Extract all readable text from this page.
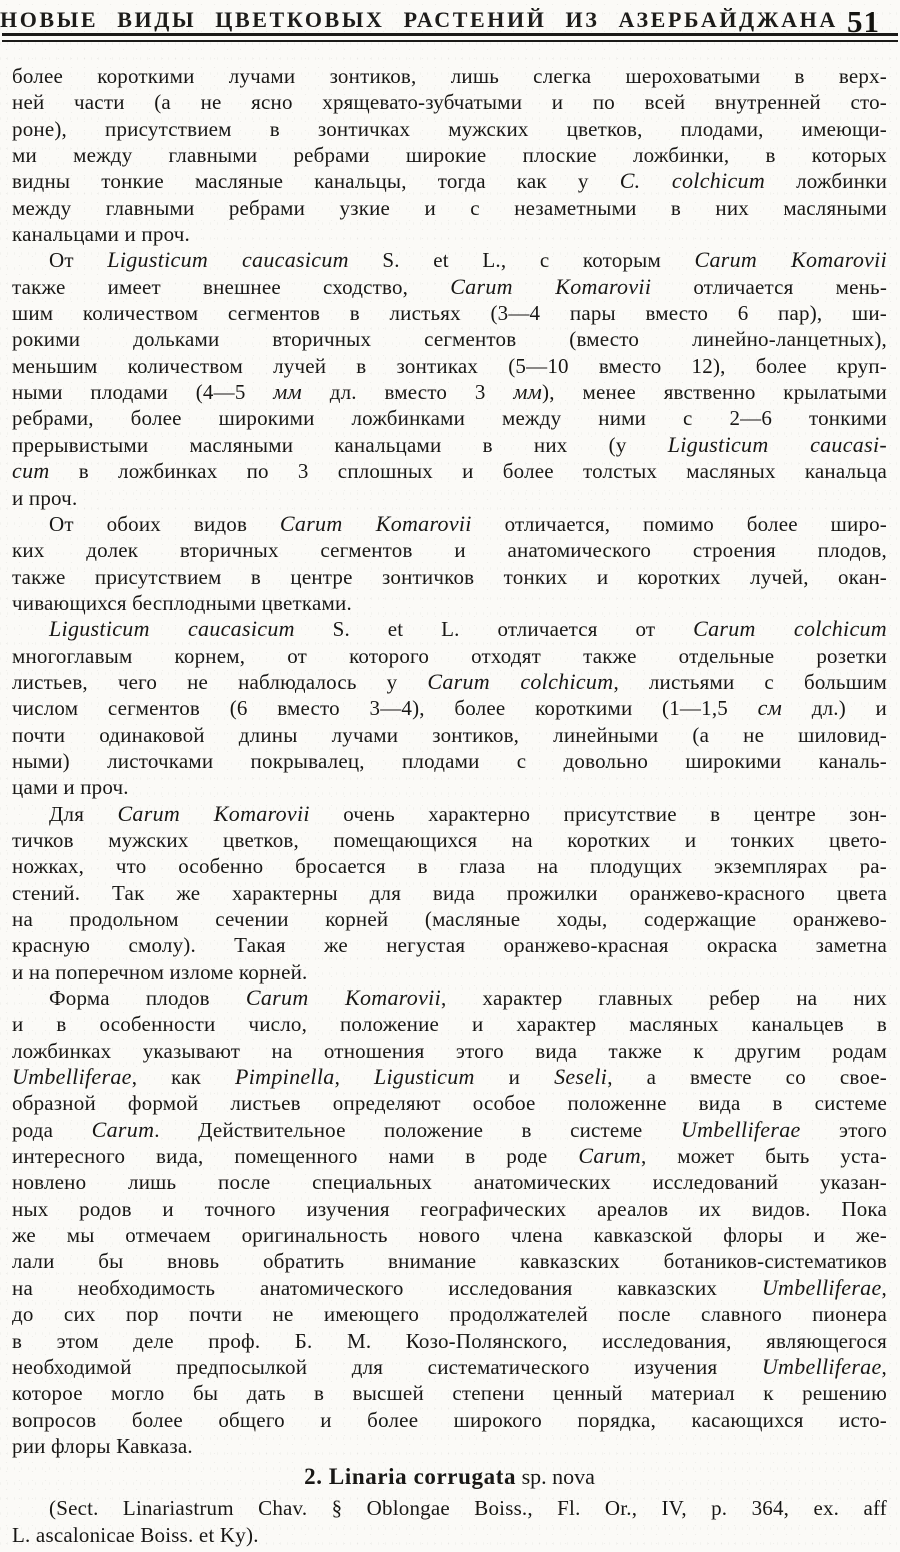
НОВЫЕ ВИДЫ ЦВЕТКОВЫХ РАСТЕНИЙ ИЗ АЗЕРБАЙДЖАНА 51
более короткими лучами зонтиков, лишь слегка шероховатыми в верх-
ней части (а не ясно хрящевато-зубчатыми и по всей внутренней сто-
роне), присутствием в зонтичках мужских цветков, плодами, имеющи-
ми между главными ребрами широкие плоские ложбинки, в которых
видны тонкие масляные канальцы, тогда как у C. colchicum ложбинки
между главными ребрами узкие и с незаметными в них масляными
канальцами и проч.
От Ligusticum caucasicum S. et L., с которым Carum Komarovii
также имеет внешнее сходство, Carum Komarovii отличается мень-
шим количеством сегментов в листьях (3—4 пары вместо 6 пар), ши-
рокими дольками вторичных сегментов (вместо линейно-ланцетных),
меньшим количеством лучей в зонтиках (5—10 вместо 12), более круп-
ными плодами (4—5 мм дл. вместо 3 мм), менее явственно крылатыми
ребрами, более широкими ложбинками между ними с 2—6 тонкими
прерывистыми масляными канальцами в них (у Ligusticum caucasi-
cum в ложбинках по 3 сплошных и более толстых масляных канальца
и проч.
От обоих видов Carum Komarovii отличается, помимо более широ-
ких долек вторичных сегментов и анатомического строения плодов,
также присутствием в центре зонтичков тонких и коротких лучей, окан-
чивающихся бесплодными цветками.
Ligusticum caucasicum S. et L. отличается от Carum colchicum
многоглавым корнем, от которого отходят также отдельные розетки
листьев, чего не наблюдалось у Carum colchicum, листьями с большим
числом сегментов (6 вместо 3—4), более короткими (1—1,5 см дл.) и
почти одинаковой длины лучами зонтиков, линейными (а не шиловид-
ными) листочками покрывалец, плодами с довольно широкими каналь-
цами и проч.
Для Carum Komarovii очень характерно присутствие в центре зон-
тичков мужских цветков, помещающихся на коротких и тонких цвето-
ножках, что особенно бросается в глаза на плодущих экземплярах ра-
стений. Так же характерны для вида прожилки оранжево-красного цвета
на продольном сечении корней (масляные ходы, содержащие оранжево-
красную смолу). Такая же негустая оранжево-красная окраска заметна
и на поперечном изломе корней.
Форма плодов Carum Komarovii, характер главных ребер на них
и в особенности число, положение и характер масляных канальцев в
ложбинках указывают на отношения этого вида также к другим родам
Umbelliferae, как Pimpinella, Ligusticum и Seseli, а вместе со свое-
образной формой листьев определяют особое положенне вида в системе
рода Carum. Действительное положение в системе Umbelliferae этого
интересного вида, помещенного нами в роде Carum, может быть уста-
новлено лишь после специальных анатомических исследований указан-
ных родов и точного изучения географических ареалов их видов. Пока
же мы отмечаем оригинальность нового члена кавказской флоры и же-
лали бы вновь обратить внимание кавказских ботаников-систематиков
на необходимость анатомического исследования кавказских Umbelliferae,
до сих пор почти не имеющего продолжателей после славного пионера
в этом деле проф. Б. М. Козо-Полянского, исследования, являющегося
необходимой предпосылкой для систематического изучения Umbelliferae,
которое могло бы дать в высшей степени ценный материал к решению
вопросов более общего и более широкого порядка, касающихся исто-
рии флоры Кавказа.
2. Linaria corrugata sp. nova
(Sect. Linariastrum Chav. § Oblongae Boiss., Fl. Or., IV, p. 364, ex. aff
L. ascalonicae Boiss. et Ky).
